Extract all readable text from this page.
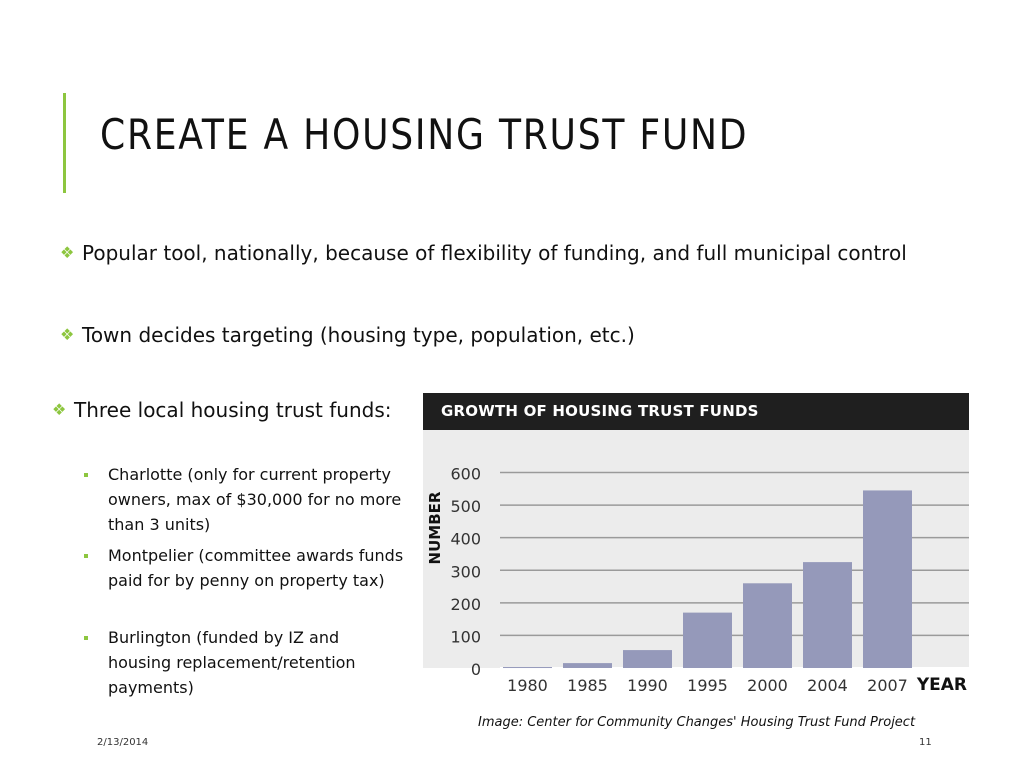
CREATE A HOUSING TRUST FUND
❖ Popular tool, nationally, because of flexibility of funding, and full municipal control
❖ Town decides targeting (housing type, population, etc.)
❖ Three local housing trust funds:
Charlotte (only for current property owners, max of $30,000 for no more than 3 units)
Montpelier (committee awards funds paid for by penny on property tax)
Burlington (funded by IZ and housing replacement/retention payments)
GROWTH OF HOUSING TRUST FUNDS
0
100
200
300
400
500
600
1980 1985 1990 1995 2000 2004 2007 YEAR
NUMBER
Image: Center for Community Changes' Housing Trust Fund Project
2/13/2014	11
